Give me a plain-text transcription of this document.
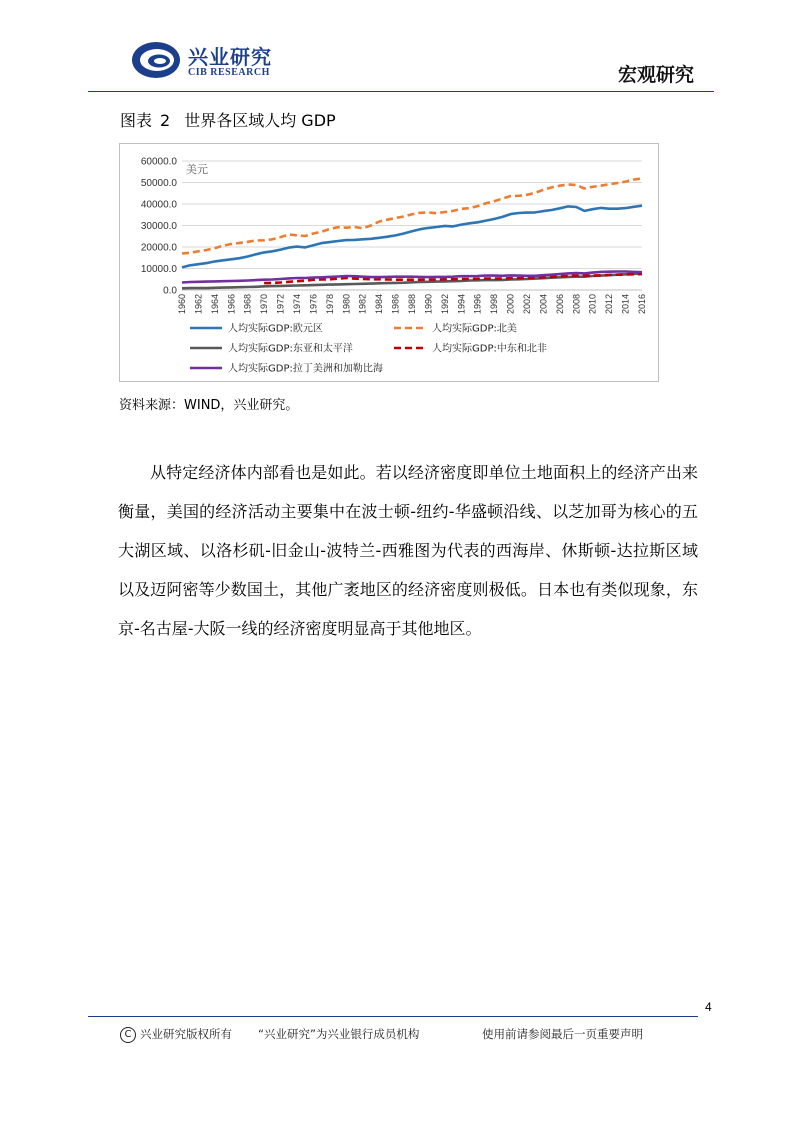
兴业研究
CIB RESEARCH	宏观研究
图表 2 世界各区域人均 GDP
0.0
10000.0
20000.0
30000.0
40000.0
50000.0
60000.0
美元
1960 1962 1964 1966 1968 1970 1972 1974 1976 1978 1980 1982 1984 1986 1988 1990 1992 1994 1996 1998 2000 2002 2004 2006 2008 2010 2012 2014 2016
人均实际GDP:欧元区	人均实际GDP:北美
人均实际GDP:东亚和太平洋	人均实际GDP:中东和北非
人均实际GDP:拉丁美洲和加勒比海
资料来源：WIND，兴业研究。

从特定经济体内部看也是如此。若以经济密度即单位土地面积上的经济产出来衡量，美国的经济活动主要集中在波士顿-纽约-华盛顿沿线、以芝加哥为核心的五大湖区域、以洛杉矶-旧金山-波特兰-西雅图为代表的西海岸、休斯顿-达拉斯区域以及迈阿密等少数国土，其他广袤地区的经济密度则极低。日本也有类似现象，东京-名古屋-大阪一线的经济密度明显高于其他地区。

4
C 兴业研究版权所有 “兴业研究”为兴业银行成员机构	使用前请参阅最后一页重要声明
